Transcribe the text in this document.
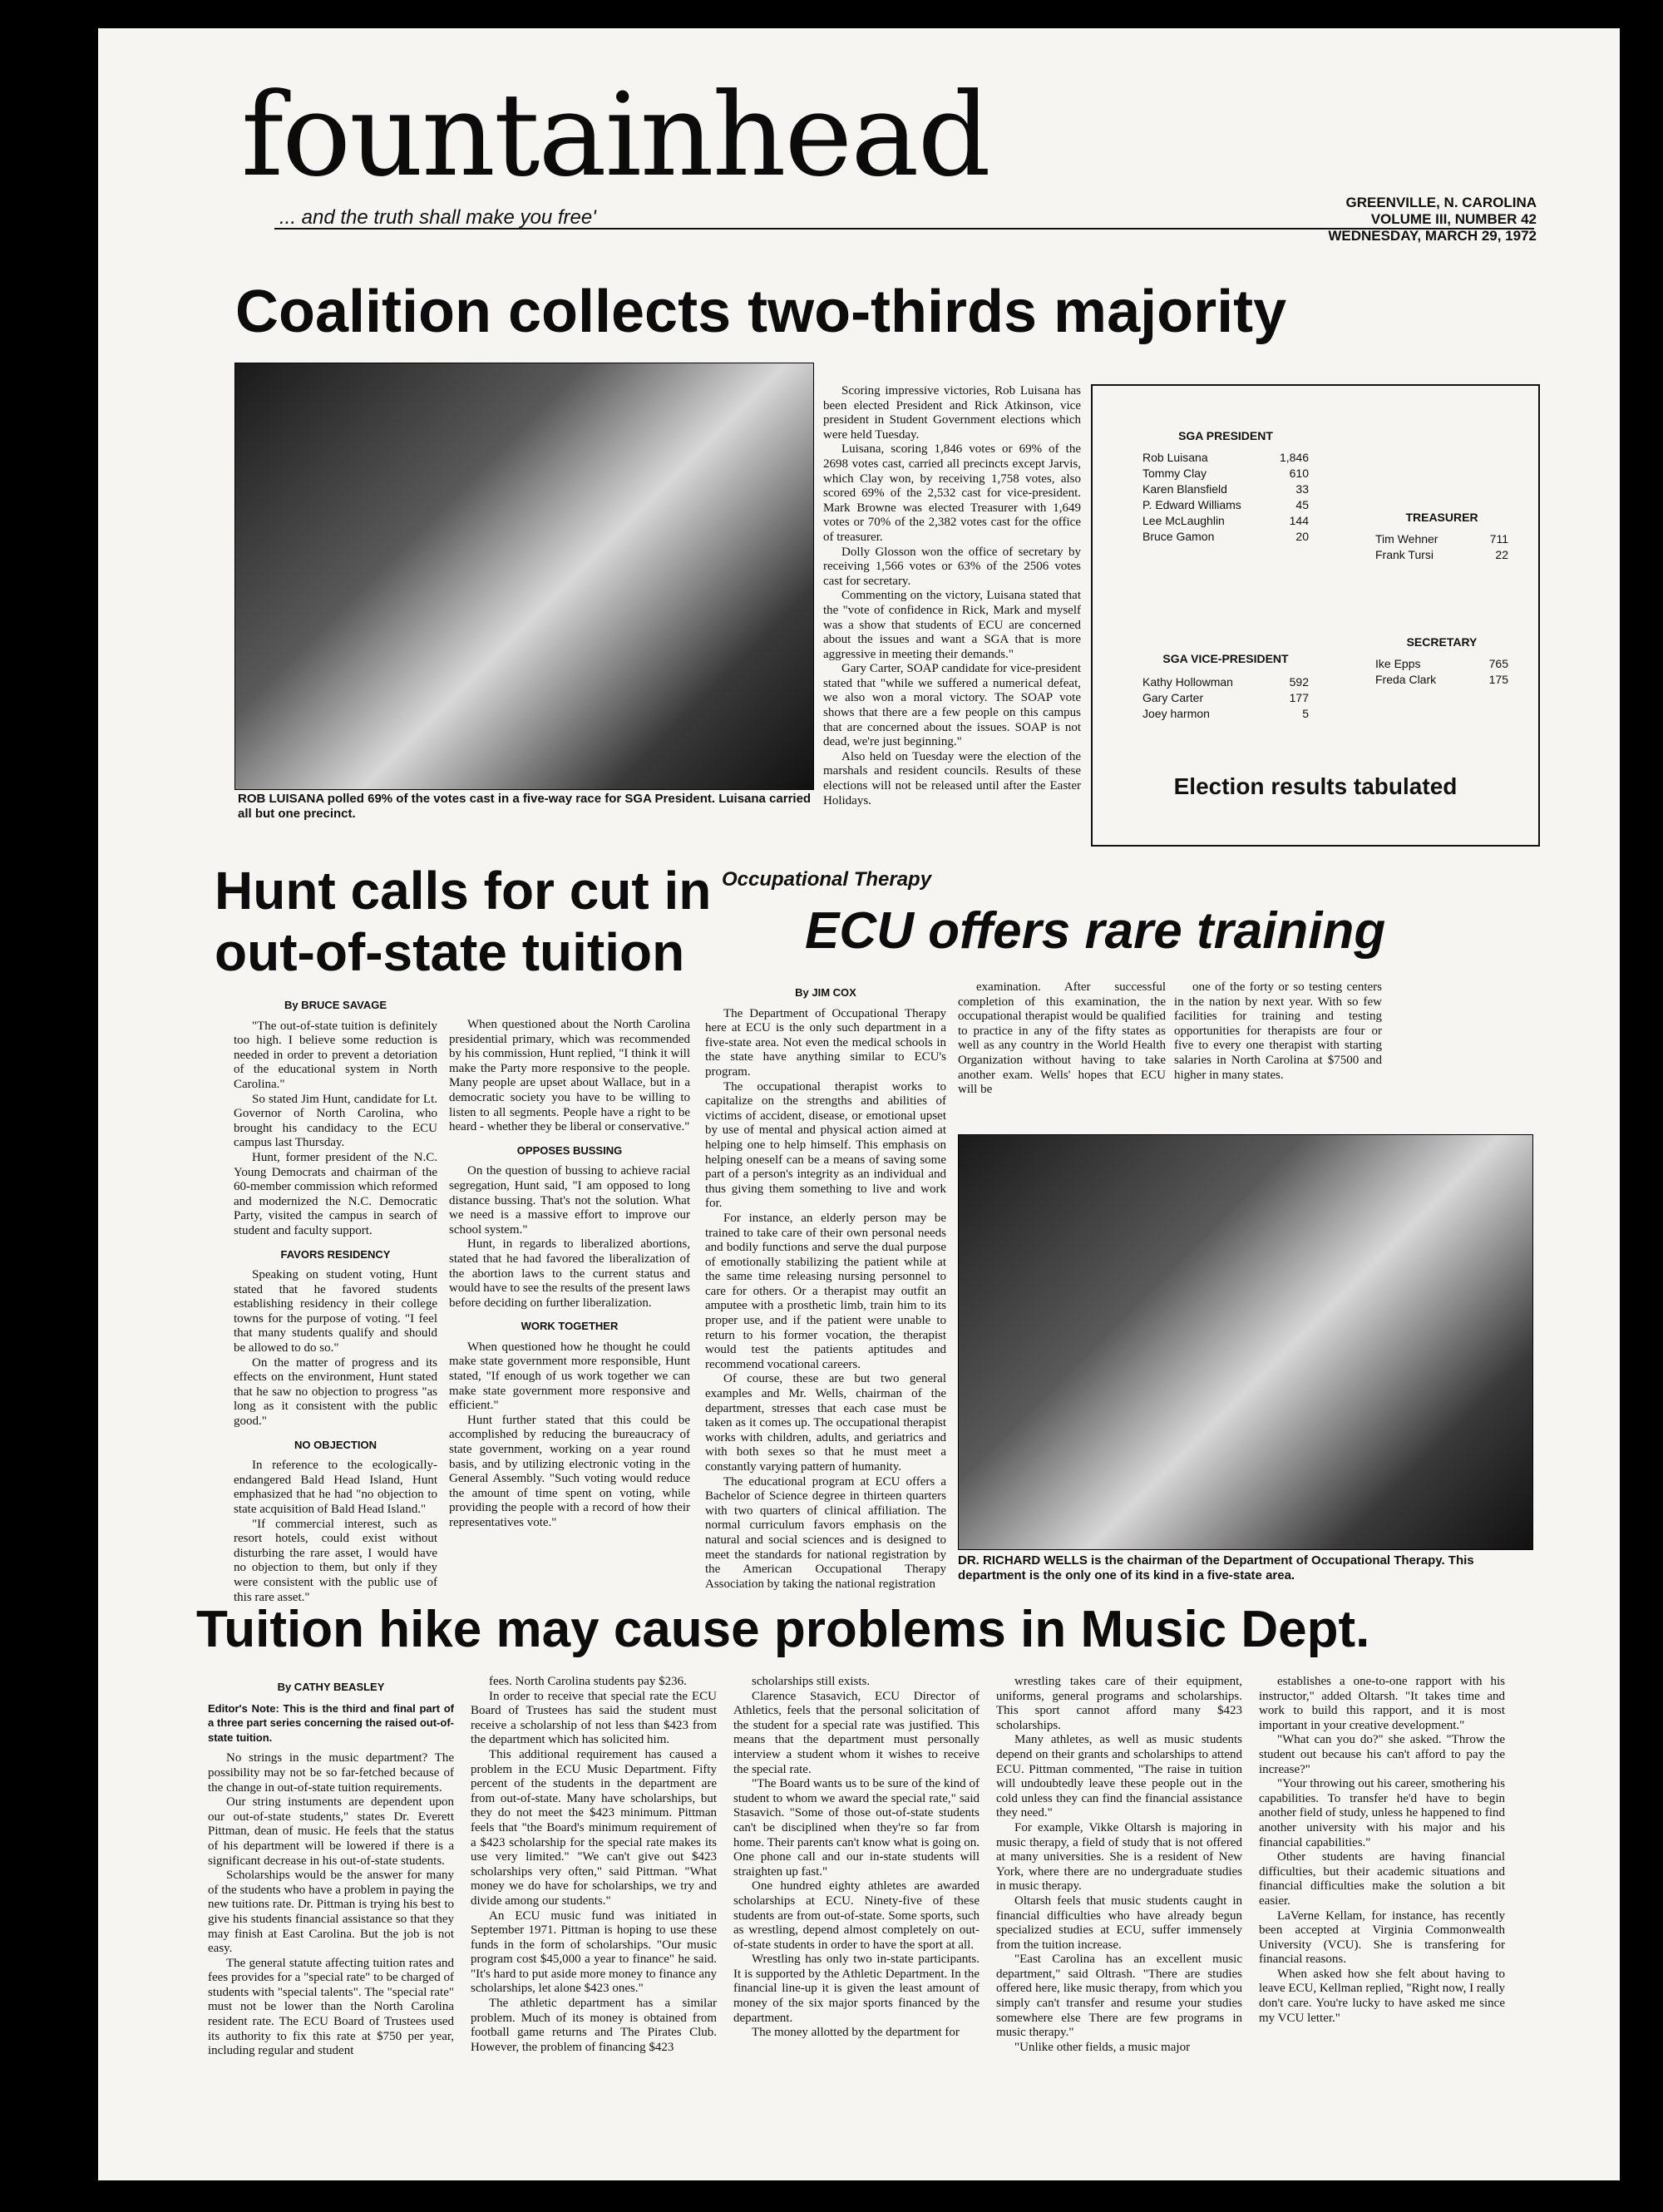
fountainhead
... and the truth shall make you free'
GREENVILLE, N. CAROLINA
VOLUME III, NUMBER 42
WEDNESDAY, MARCH 29, 1972
Coalition collects two-thirds majority
ROB LUISANA polled 69% of the votes cast in a five-way race for SGA President. Luisana carried all but one precinct.

Scoring impressive victories, Rob Luisana has been elected President and Rick Atkinson, vice president in Student Government elections which were held Tuesday.

Luisana, scoring 1,846 votes or 69% of the 2698 votes cast, carried all precincts except Jarvis, which Clay won, by receiving 1,758 votes, also scored 69% of the 2,532 cast for vice-president. Mark Browne was elected Treasurer with 1,649 votes or 70% of the 2,382 votes cast for the office of treasurer.

Dolly Glosson won the office of secretary by receiving 1,566 votes or 63% of the 2506 votes cast for secretary.

Commenting on the victory, Luisana stated that the "vote of confidence in Rick, Mark and myself was a show that students of ECU are concerned about the issues and want a SGA that is more aggressive in meeting their demands."

Gary Carter, SOAP candidate for vice-president stated that "while we suffered a numerical defeat, we also won a moral victory. The SOAP vote shows that there are a few people on this campus that are concerned about the issues. SOAP is not dead, we're just beginning."

Also held on Tuesday were the election of the marshals and resident councils. Results of these elections will not be released until after the Easter Holidays.

SGA PRESIDENT
Rob Luisana	1,846
Tommy Clay	610
Karen Blansfield	33
P. Edward Williams	45
Lee McLaughlin	144
Bruce Gamon	20
TREASURER
Tim Wehner	711
Frank Tursi	22
SGA VICE-PRESIDENT
Kathy Hollowman	592
Gary Carter	177
Joey harmon	5
SECRETARY
Ike Epps	765
Freda Clark	175
Election results tabulated
Hunt calls for cut in
out-of-state tuition
By BRUCE SAVAGE

"The out-of-state tuition is definitely too high. I believe some reduction is needed in order to prevent a detoriation of the educational system in North Carolina."

So stated Jim Hunt, candidate for Lt. Governor of North Carolina, who brought his candidacy to the ECU campus last Thursday.

Hunt, former president of the N.C. Young Democrats and chairman of the 60-member commission which reformed and modernized the N.C. Democratic Party, visited the campus in search of student and faculty support.

FAVORS RESIDENCY

Speaking on student voting, Hunt stated that he favored students establishing residency in their college towns for the purpose of voting. "I feel that many students qualify and should be allowed to do so."

On the matter of progress and its effects on the environment, Hunt stated that he saw no objection to progress "as long as it consistent with the public good."

NO OBJECTION

In reference to the ecologically-endangered Bald Head Island, Hunt emphasized that he had "no objection to state acquisition of Bald Head Island."

"If commercial interest, such as resort hotels, could exist without disturbing the rare asset, I would have no objection to them, but only if they were consistent with the public use of this rare asset."

When questioned about the North Carolina presidential primary, which was recommended by his commission, Hunt replied, "I think it will make the Party more responsive to the people. Many people are upset about Wallace, but in a democratic society you have to be willing to listen to all segments. People have a right to be heard - whether they be liberal or conservative."

OPPOSES BUSSING

On the question of bussing to achieve racial segregation, Hunt said, "I am opposed to long distance bussing. That's not the solution. What we need is a massive effort to improve our school system."

Hunt, in regards to liberalized abortions, stated that he had favored the liberalization of the abortion laws to the current status and would have to see the results of the present laws before deciding on further liberalization.

WORK TOGETHER

When questioned how he thought he could make state government more responsible, Hunt stated, "If enough of us work together we can make state government more responsive and efficient."

Hunt further stated that this could be accomplished by reducing the bureaucracy of state government, working on a year round basis, and by utilizing electronic voting in the General Assembly. "Such voting would reduce the amount of time spent on voting, while providing the people with a record of how their representatives vote."

Occupational Therapy
ECU offers rare training
By JIM COX

The Department of Occupational Therapy here at ECU is the only such department in a five-state area. Not even the medical schools in the state have anything similar to ECU's program.

The occupational therapist works to capitalize on the strengths and abilities of victims of accident, disease, or emotional upset by use of mental and physical action aimed at helping one to help himself. This emphasis on helping oneself can be a means of saving some part of a person's integrity as an individual and thus giving them something to live and work for.

For instance, an elderly person may be trained to take care of their own personal needs and bodily functions and serve the dual purpose of emotionally stabilizing the patient while at the same time releasing nursing personnel to care for others. Or a therapist may outfit an amputee with a prosthetic limb, train him to its proper use, and if the patient were unable to return to his former vocation, the therapist would test the patients aptitudes and recommend vocational careers.

Of course, these are but two general examples and Mr. Wells, chairman of the department, stresses that each case must be taken as it comes up. The occupational therapist works with children, adults, and geriatrics and with both sexes so that he must meet a constantly varying pattern of humanity.

The educational program at ECU offers a Bachelor of Science degree in thirteen quarters with two quarters of clinical affiliation. The normal curriculum favors emphasis on the natural and social sciences and is designed to meet the standards for national registration by the American Occupational Therapy Association by taking the national registration

examination. After successful completion of this examination, the occupational therapist would be qualified to practice in any of the fifty states as well as any country in the World Health Organization without having to take another exam. Wells' hopes that ECU will be

one of the forty or so testing centers in the nation by next year. With so few facilities for training and testing opportunities for therapists are four or five to every one therapist with starting salaries in North Carolina at $7500 and higher in many states.

DR. RICHARD WELLS is the chairman of the Department of Occupational Therapy. This department is the only one of its kind in a five-state area.
Tuition hike may cause problems in Music Dept.
By CATHY BEASLEY
Editor's Note: This is the third and final part of a three part series concerning the raised out-of-state tuition.

No strings in the music department? The possibility may not be so far-fetched because of the change in out-of-state tuition requirements.

Our string instuments are dependent upon our out-of-state students," states Dr. Everett Pittman, dean of music. He feels that the status of his department will be lowered if there is a significant decrease in his out-of-state students.

Scholarships would be the answer for many of the students who have a problem in paying the new tuitions rate. Dr. Pittman is trying his best to give his students financial assistance so that they may finish at East Carolina. But the job is not easy.

The general statute affecting tuition rates and fees provides for a "special rate" to be charged of students with "special talents". The "special rate" must not be lower than the North Carolina resident rate. The ECU Board of Trustees used its authority to fix this rate at $750 per year, including regular and student

fees. North Carolina students pay $236.

In order to receive that special rate the ECU Board of Trustees has said the student must receive a scholarship of not less than $423 from the department which has solicited him.

This additional requirement has caused a problem in the ECU Music Department. Fifty percent of the students in the department are from out-of-state. Many have scholarships, but they do not meet the $423 minimum. Pittman feels that "the Board's minimum requirement of a $423 scholarship for the special rate makes its use very limited." "We can't give out $423 scholarships very often," said Pittman. "What money we do have for scholarships, we try and divide among our students."

An ECU music fund was initiated in September 1971. Pittman is hoping to use these funds in the form of scholarships. "Our music program cost $45,000 a year to finance" he said. "It's hard to put aside more money to finance any scholarships, let alone $423 ones."

The athletic department has a similar problem. Much of its money is obtained from football game returns and The Pirates Club. However, the problem of financing $423

scholarships still exists.

Clarence Stasavich, ECU Director of Athletics, feels that the personal solicitation of the student for a special rate was justified. This means that the department must personally interview a student whom it wishes to receive the special rate.

"The Board wants us to be sure of the kind of student to whom we award the special rate," said Stasavich. "Some of those out-of-state students can't be disciplined when they're so far from home. Their parents can't know what is going on. One phone call and our in-state students will straighten up fast."

One hundred eighty athletes are awarded scholarships at ECU. Ninety-five of these students are from out-of-state. Some sports, such as wrestling, depend almost completely on out-of-state students in order to have the sport at all.

Wrestling has only two in-state participants. It is supported by the Athletic Department. In the financial line-up it is given the least amount of money of the six major sports financed by the department.

The money allotted by the department for

wrestling takes care of their equipment, uniforms, general programs and scholarships. This sport cannot afford many $423 scholarships.

Many athletes, as well as music students depend on their grants and scholarships to attend ECU. Pittman commented, "The raise in tuition will undoubtedly leave these people out in the cold unless they can find the financial assistance they need."

For example, Vikke Oltarsh is majoring in music therapy, a field of study that is not offered at many universities. She is a resident of New York, where there are no undergraduate studies in music therapy.

Oltarsh feels that music students caught in financial difficulties who have already begun specialized studies at ECU, suffer immensely from the tuition increase.

"East Carolina has an excellent music department," said Oltrash. "There are studies offered here, like music therapy, from which you simply can't transfer and resume your studies somewhere else There are few programs in music therapy."

"Unlike other fields, a music major

establishes a one-to-one rapport with his instructor," added Oltarsh. "It takes time and work to build this rapport, and it is most important in your creative development."

"What can you do?" she asked. "Throw the student out because his can't afford to pay the increase?"

"Your throwing out his career, smothering his capabilities. To transfer he'd have to begin another field of study, unless he happened to find another university with his major and his financial capabilities."

Other students are having financial difficulties, but their academic situations and financial difficulties make the solution a bit easier.

LaVerne Kellam, for instance, has recently been accepted at Virginia Commonwealth University (VCU). She is transfering for financial reasons.

When asked how she felt about having to leave ECU, Kellman replied, "Right now, I really don't care. You're lucky to have asked me since my VCU letter."
